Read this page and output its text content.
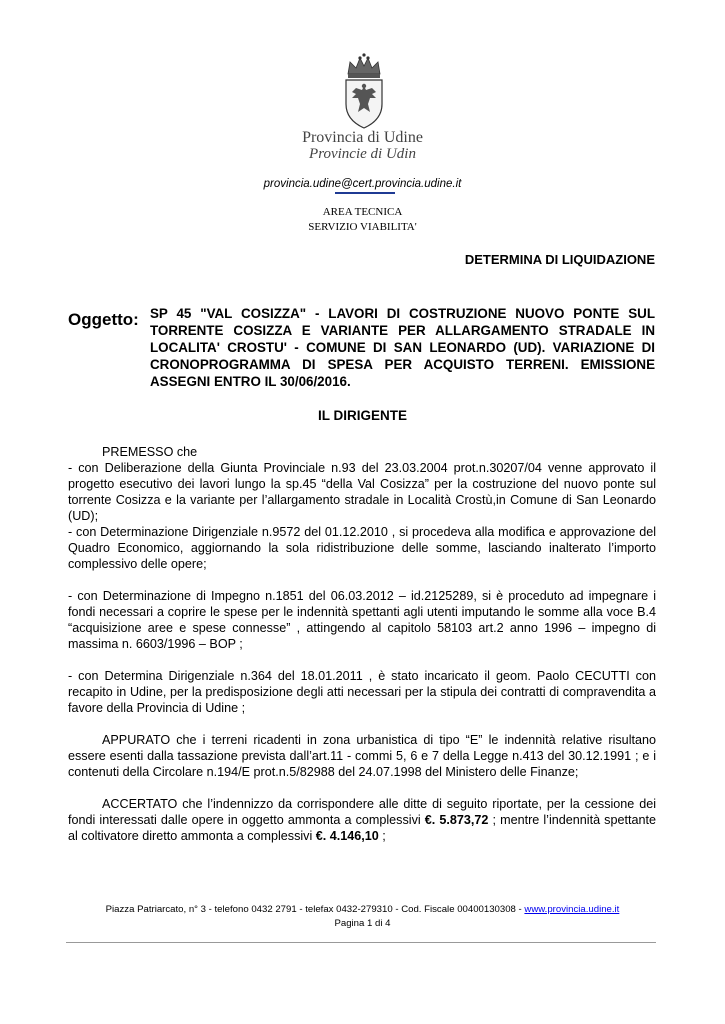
Provincia di Udine
Provincie di Udin
provincia.udine@cert.provincia.udine.it
AREA TECNICA
SERVIZIO VIABILITA'
DETERMINA DI LIQUIDAZIONE
Oggetto: SP 45 "VAL COSIZZA" - LAVORI DI COSTRUZIONE NUOVO PONTE SUL TORRENTE COSIZZA E VARIANTE PER ALLARGAMENTO STRADALE IN LOCALITA' CROSTU' - COMUNE DI SAN LEONARDO (UD). VARIAZIONE DI CRONOPROGRAMMA DI SPESA PER ACQUISTO TERRENI. EMISSIONE ASSEGNI ENTRO IL 30/06/2016.
IL DIRIGENTE

PREMESSO che

- con Deliberazione della Giunta Provinciale n.93 del 23.03.2004 prot.n.30207/04 venne approvato il progetto esecutivo dei lavori lungo la sp.45 “della Val Cosizza” per la costruzione del nuovo ponte sul torrente Cosizza e la variante per l’allargamento stradale in Località Crostù,in Comune di San Leonardo (UD);

- con Determinazione Dirigenziale n.9572 del 01.12.2010 , si procedeva alla modifica e approvazione del Quadro Economico, aggiornando la sola ridistribuzione delle somme, lasciando inalterato l’importo complessivo delle opere;

- con Determinazione di Impegno n.1851 del 06.03.2012 – id.2125289, si è proceduto ad impegnare i fondi necessari a coprire le spese per le indennità spettanti agli utenti imputando le somme alla voce B.4 “acquisizione aree e spese connesse” , attingendo al capitolo 58103 art.2 anno 1996 – impegno di massima n. 6603/1996 – BOP ;

- con Determina Dirigenziale n.364 del 18.01.2011 , è stato incaricato il geom. Paolo CECUTTI con recapito in Udine, per la predisposizione degli atti necessari per la stipula dei contratti di compravendita a favore della Provincia di Udine ;

APPURATO che i terreni ricadenti in zona urbanistica di tipo “E” le indennità relative risultano essere esenti dalla tassazione prevista dall’art.11 - commi 5, 6 e 7 della Legge n.413 del 30.12.1991 ; e i contenuti della Circolare n.194/E prot.n.5/82988 del 24.07.1998 del Ministero delle Finanze;

ACCERTATO che l’indennizzo da corrispondere alle ditte di seguito riportate, per la cessione dei fondi interessati dalle opere in oggetto ammonta a complessivi €. 5.873,72 ; mentre l’indennità spettante al coltivatore diretto ammonta a complessivi €. 4.146,10 ;

Piazza Patriarcato, n° 3 - telefono 0432 2791 - telefax 0432-279310 - Cod. Fiscale 00400130308 - www.provincia.udine.it
Pagina 1 di 4
